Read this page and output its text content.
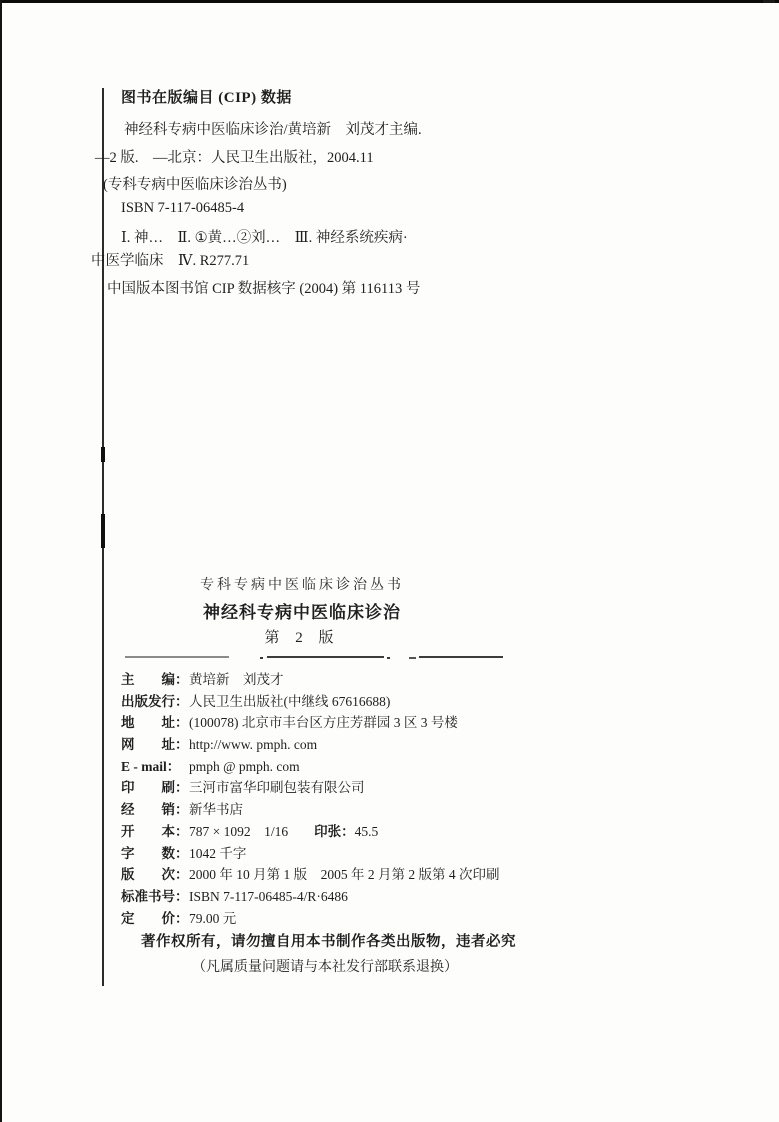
图书在版编目 (CIP) 数据
神经科专病中医临床诊治/黄培新　刘茂才主编.
—2 版.　—北京：人民卫生出版社，2004.11
(专科专病中医临床诊治丛书)
ISBN 7-117-06485-4
Ⅰ. 神…　Ⅱ. ①黄…②刘…　Ⅲ. 神经系统疾病·
中医学临床　Ⅳ. R277.71
中国版本图书馆 CIP 数据核字 (2004) 第 116113 号
专科专病中医临床诊治丛书
神经科专病中医临床诊治
第 2 版
主　　编：黄培新　刘茂才
出版发行：人民卫生出版社(中继线 67616688)
地　　址：(100078) 北京市丰台区方庄芳群园 3 区 3 号楼
网　　址：http://www. pmph. com
E - mail： pmph @ pmph. com
印　　刷：三河市富华印刷包装有限公司
经　　销：新华书店
开　　本：787 × 1092　1/16 印张：45.5
字　　数：1042 千字
版　　次：2000 年 10 月第 1 版　2005 年 2 月第 2 版第 4 次印刷
标准书号：ISBN 7-117-06485-4/R·6486
定　　价：79.00 元
著作权所有，请勿擅自用本书制作各类出版物，违者必究
（凡属质量问题请与本社发行部联系退换）
